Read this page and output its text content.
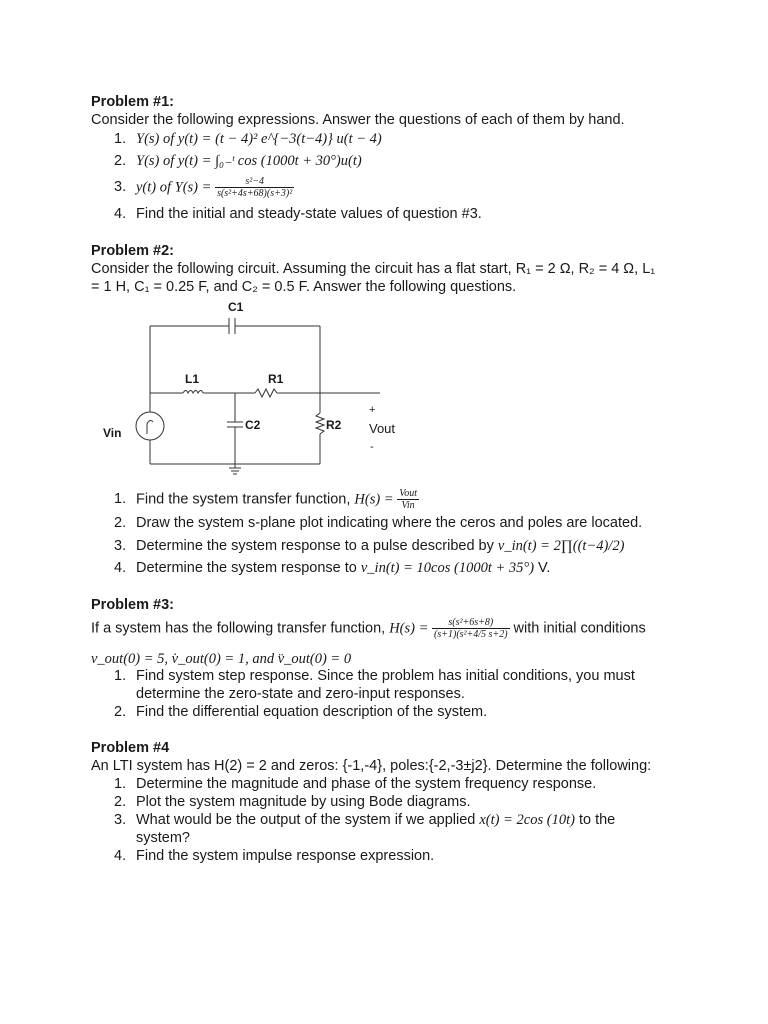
Problem #1:
Consider the following expressions. Answer the questions of each of them by hand.
1. Y(s) of y(t) = (t − 4)² e^{−3(t−4)} u(t − 4)
2. Y(s) of y(t) = ∫₀₋ᵗ cos (1000t + 30°)u(t)
3. y(t) of $Y(s) = \frac{\text{s²−4}}{\text{s(s²+4s+68)(s+3)²}}$
4. Find the initial and steady-state values of question #3.
Problem #2:
Consider the following circuit. Assuming the circuit has a flat start, R₁ = 2 Ω, R₂ = 4 Ω, L₁
= 1 H, C₁ = 0.25 F, and C₂ = 0.5 F. Answer the following questions.
C1
L1	R1
C2	R2
Vin
+
Vout
-
1. Find the system transfer function, $H(s) = \frac{\text{Vout}}{\text{Vin}}$
2. Draw the system s-plane plot indicating where the ceros and poles are located.
3. Determine the system response to a pulse described by v_in(t) = 2∏((t−4)/2)
4. Determine the system response to v_in(t) = 10cos (1000t + 35°) V.
Problem #3:
If a system has the following transfer function, $H(s) = \frac{\text{s(s²+6s+8)}}{\text{(s+1)(s²+4/5 s+2)}}$ with initial conditions
v_out(0) = 5, v̇_out(0) = 1, and v̈_out(0) = 0
1. Find system step response. Since the problem has initial conditions, you must
determine the zero-state and zero-input responses.
2. Find the differential equation description of the system.
Problem #4
An LTI system has H(2) = 2 and zeros: {-1,-4}, poles:{-2,-3±j2}. Determine the following:
1. Determine the magnitude and phase of the system frequency response.
2. Plot the system magnitude by using Bode diagrams.
3. What would be the output of the system if we applied x(t) = 2cos (10t) to the
system?
4. Find the system impulse response expression.
